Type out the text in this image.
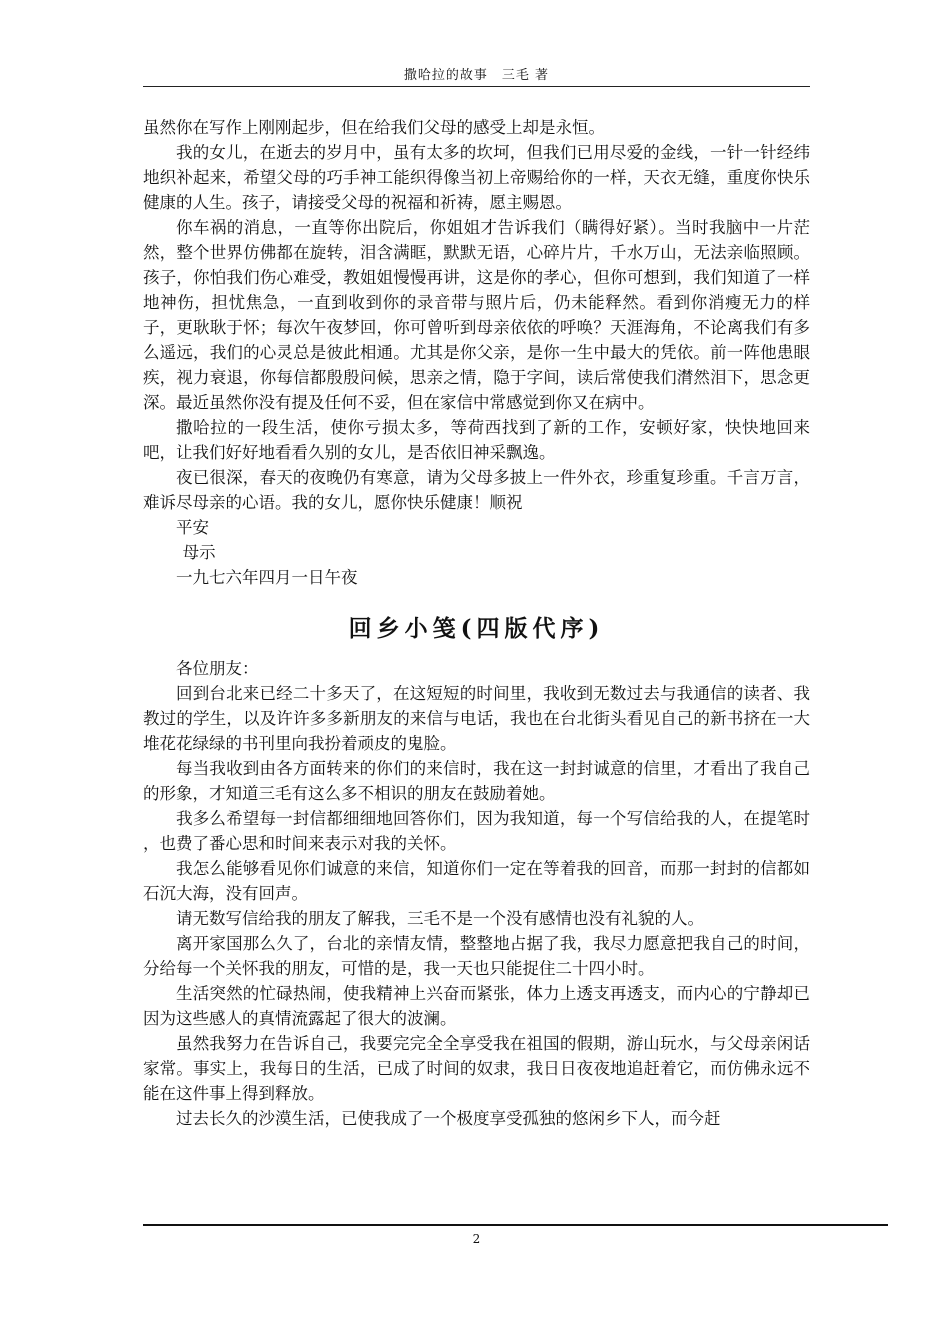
撒哈拉的故事　三毛 著

虽然你在写作上刚刚起步，但在给我们父母的感受上却是永恒。

我的女儿，在逝去的岁月中，虽有太多的坎坷，但我们已用尽爱的金线，一针一针经纬 地织补起来，希望父母的巧手神工能织得像当初上帝赐给你的一样，天衣无缝，重度你快乐 健康的人生。孩子，请接受父母的祝福和祈祷，愿主赐恩。

你车祸的消息，一直等你出院后，你姐姐才告诉我们（瞒得好紧）。当时我脑中一片茫然，整个世界仿佛都在旋转，泪含满眶，默默无语，心碎片片，千水万山，无法亲临照顾。 孩子，你怕我们伤心难受，教姐姐慢慢再讲，这是你的孝心，但你可想到，我们知道了一样 地神伤，担忧焦急，一直到收到你的录音带与照片后，仍未能释然。看到你消瘦无力的样子，更耿耿于怀；每次午夜梦回，你可曾听到母亲依依的呼唤？天涯海角，不论离我们有多么遥远，我们的心灵总是彼此相通。尤其是你父亲，是你一生中最大的凭依。前一阵他患眼疾，视力衰退，你每信都殷殷问候，思亲之情，隐于字间，读后常使我们潸然泪下，思念更深。最近虽然你没有提及任何不妥，但在家信中常感觉到你又在病中。

撒哈拉的一段生活，使你亏损太多，等荷西找到了新的工作，安顿好家，快快地回来吧，让我们好好地看看久别的女儿，是否依旧神采飘逸。

夜已很深，春天的夜晚仍有寒意，请为父母多披上一件外衣，珍重复珍重。千言万言， 难诉尽母亲的心语。我的女儿，愿你快乐健康！顺祝

平安

母示

一九七六年四月一日午夜

回乡小笺(四版代序)

各位朋友：

回到台北来已经二十多天了，在这短短的时间里，我收到无数过去与我通信的读者、我 教过的学生，以及许许多多新朋友的来信与电话，我也在台北街头看见自己的新书挤在一大 堆花花绿绿的书刊里向我扮着顽皮的鬼脸。

每当我收到由各方面转来的你们的来信时，我在这一封封诚意的信里，才看出了我自己 的形象，才知道三毛有这么多不相识的朋友在鼓励着她。

我多么希望每一封信都细细地回答你们，因为我知道，每一个写信给我的人，在提笔时 ，也费了番心思和时间来表示对我的关怀。

我怎么能够看见你们诚意的来信，知道你们一定在等着我的回音，而那一封封的信都如 石沉大海，没有回声。

请无数写信给我的朋友了解我，三毛不是一个没有感情也没有礼貌的人。

离开家国那么久了，台北的亲情友情，整整地占据了我，我尽力愿意把我自己的时间， 分给每一个关怀我的朋友，可惜的是，我一天也只能捉住二十四小时。

生活突然的忙碌热闹，使我精神上兴奋而紧张，体力上透支再透支，而内心的宁静却已 因为这些感人的真情流露起了很大的波澜。

虽然我努力在告诉自己，我要完完全全享受我在祖国的假期，游山玩水，与父母亲闲话 家常。事实上，我每日的生活，已成了时间的奴隶，我日日夜夜地追赶着它，而仿佛永远不 能在这件事上得到释放。

过去长久的沙漠生活，已使我成了一个极度享受孤独的悠闲乡下人，而今赶

2
